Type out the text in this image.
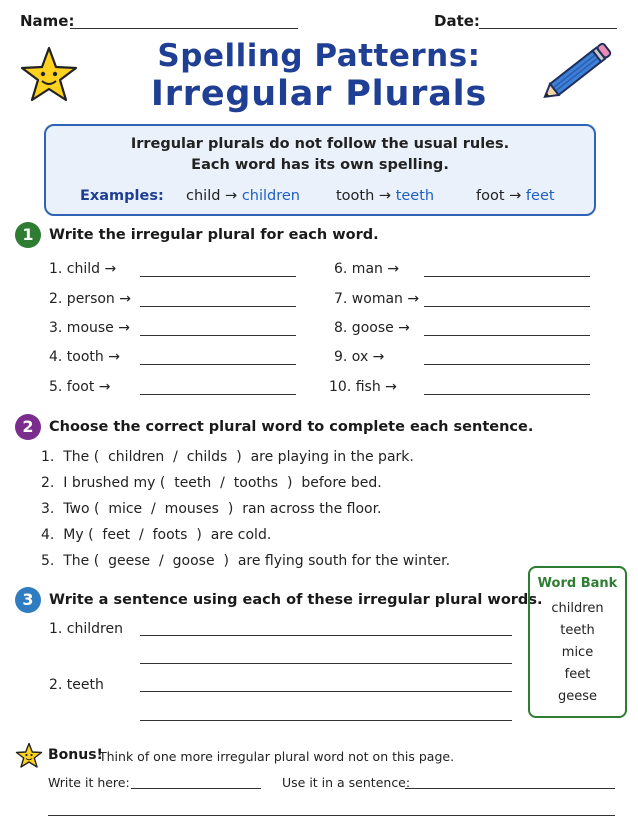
Name:	Date:
Spelling Patterns:
Irregular Plurals
Irregular plurals do not follow the usual rules.
Each word has its own spelling.
Examples: child → children tooth → teeth	foot → feet
1	Write the irregular plural for each word.
1. child →
2. person →
3. mouse →
4. tooth →
5. foot →
6. man →
7. woman →
8. goose →
9. ox →
10. fish →
2	Choose the correct plural word to complete each sentence.
1.  The (  children  /  childs  )  are playing in the park.
2.  I brushed my (  teeth  /  tooths  )  before bed.
3.  Two (  mice  /  mouses  )  ran across the floor.
4.  My (  feet  /  foots  )  are cold.
5.  The (  geese  /  goose  )  are flying south for the winter.
3	Write a sentence using each of these irregular plural words.
1. children
2. teeth
Word Bank
children
teeth
mice
feet
geese
Bonus!
Think of one more irregular plural word not on this page.
Write it here:	Use it in a sentence:
